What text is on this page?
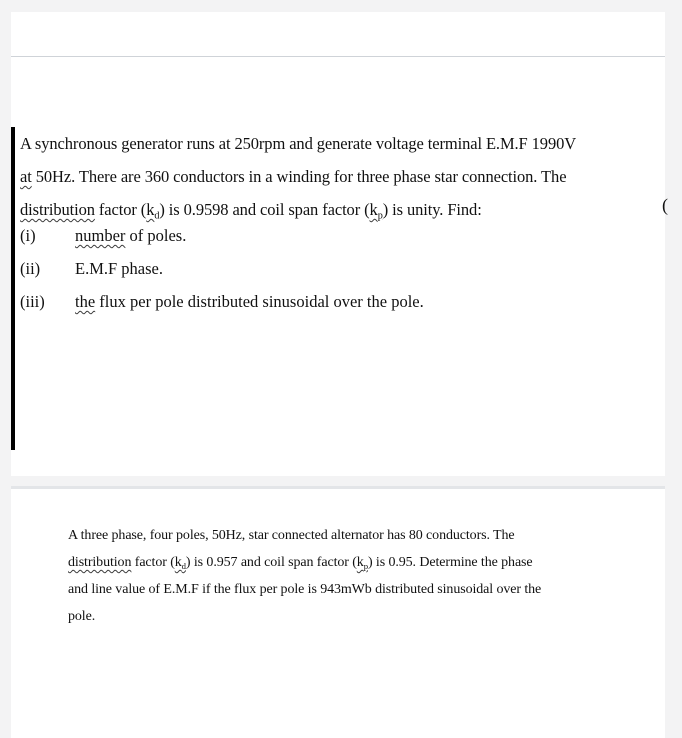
(
A synchronous generator runs at 250rpm and generate voltage terminal E.M.F 1990V
at 50Hz. There are 360 conductors in a winding for three phase star connection. The
distribution factor $(k_d)$ is 0.9598 and coil span factor $(k_p)$ is unity. Find:
(i) number of poles.
(ii) E.M.F phase.
(iii) the flux per pole distributed sinusoidal over the pole.
A three phase, four poles, 50Hz, star connected alternator has 80 conductors. The
distribution factor $(k_d)$ is 0.957 and coil span factor $(k_p)$ is 0.95. Determine the phase
and line value of E.M.F if the flux per pole is 943mWb distributed sinusoidal over the
pole.
